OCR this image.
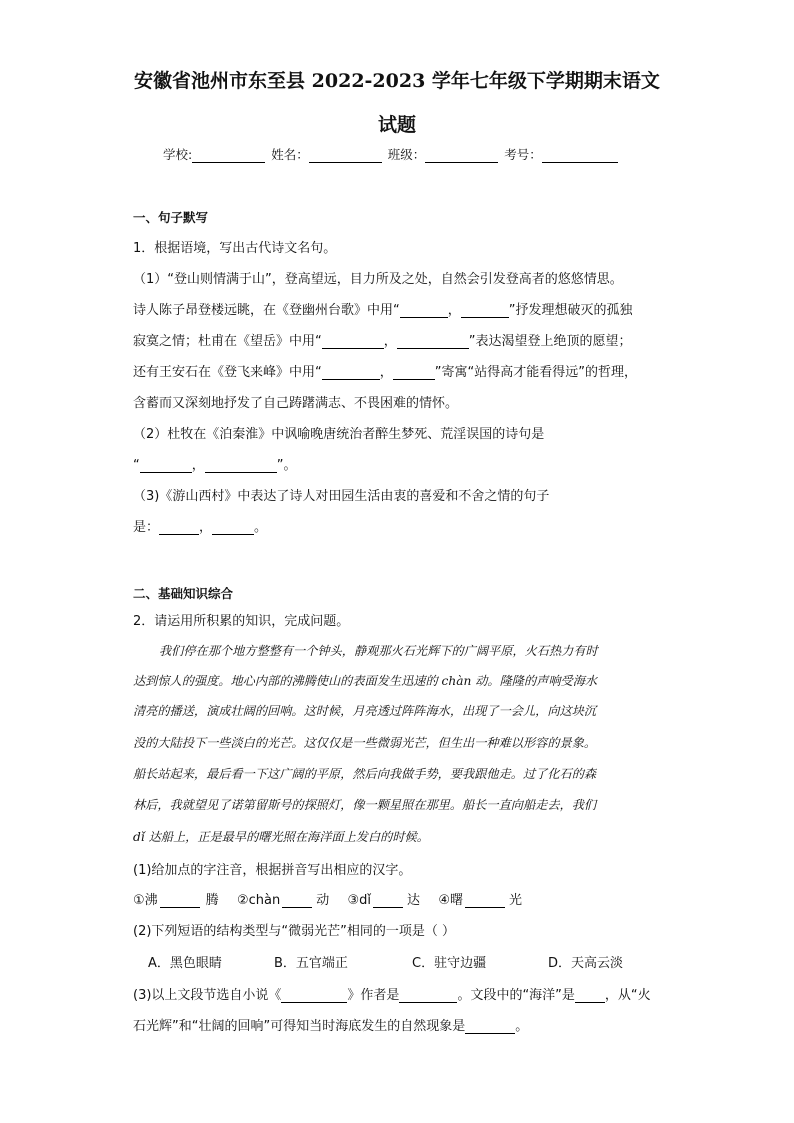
安徽省池州市东至县 2022-2023 学年七年级下学期期末语文
试题
学校:	姓名：	班级：	考号：
一、句子默写
1．根据语境，写出古代诗文名句。
（1）“登山则情满于山”，登高望远，目力所及之处，自然会引发登高者的悠悠情思。
诗人陈子昂登楼远眺，在《登幽州台歌》中用“	，	”抒发理想破灭的孤独
寂寞之情；杜甫在《望岳》中用“	，	”表达渴望登上绝顶的愿望；
还有王安石在《登飞来峰》中用“	，	”寄寓“站得高才能看得远”的哲理，
含蓄而又深刻地抒发了自己踌躇满志、不畏困难的情怀。
（2）杜牧在《泊秦淮》中讽喻晚唐统治者醉生梦死、荒淫误国的诗句是
“	，	”。
（3)《游山西村》中表达了诗人对田园生活由衷的喜爱和不舍之情的句子
是：	，	。
二、基础知识综合
2．请运用所积累的知识，完成问题。
我们停在那个地方整整有一个钟头，静观那火石光辉下的广阔平原，火石热力有时
达到惊人的强度。地心内部的沸腾使山的表面发生迅速的 chàn 动。隆隆的声响受海水
清亮的播送，演成壮阔的回响。这时候，月亮透过阵阵海水，出现了一会儿，向这块沉
没的大陆投下一些淡白的光芒。这仅仅是一些微弱光芒，但生出一种难以形容的景象。
船长站起来，最后看一下这广阔的平原，然后向我做手势，要我跟他走。过了化石的森
林后，我就望见了诺第留斯号的探照灯，像一颗星照在那里。船长一直向船走去，我们
dǐ 达船上，正是最早的曙光照在海洋面上发白的时候。
(1)给加点的字注音，根据拼音写出相应的汉字。
①沸	腾 ②chàn	动 ③dǐ	达 ④曙	光
(2)下列短语的结构类型与“微弱光芒”相同的一项是（ ）
A．黑色眼睛	B．五官端正	C．驻守边疆	D．天高云淡
(3)以上文段节选自小说《	》作者是	。文段中的“海洋”是 ，从“火
石光辉”和“壮阔的回响”可得知当时海底发生的自然现象是	。
